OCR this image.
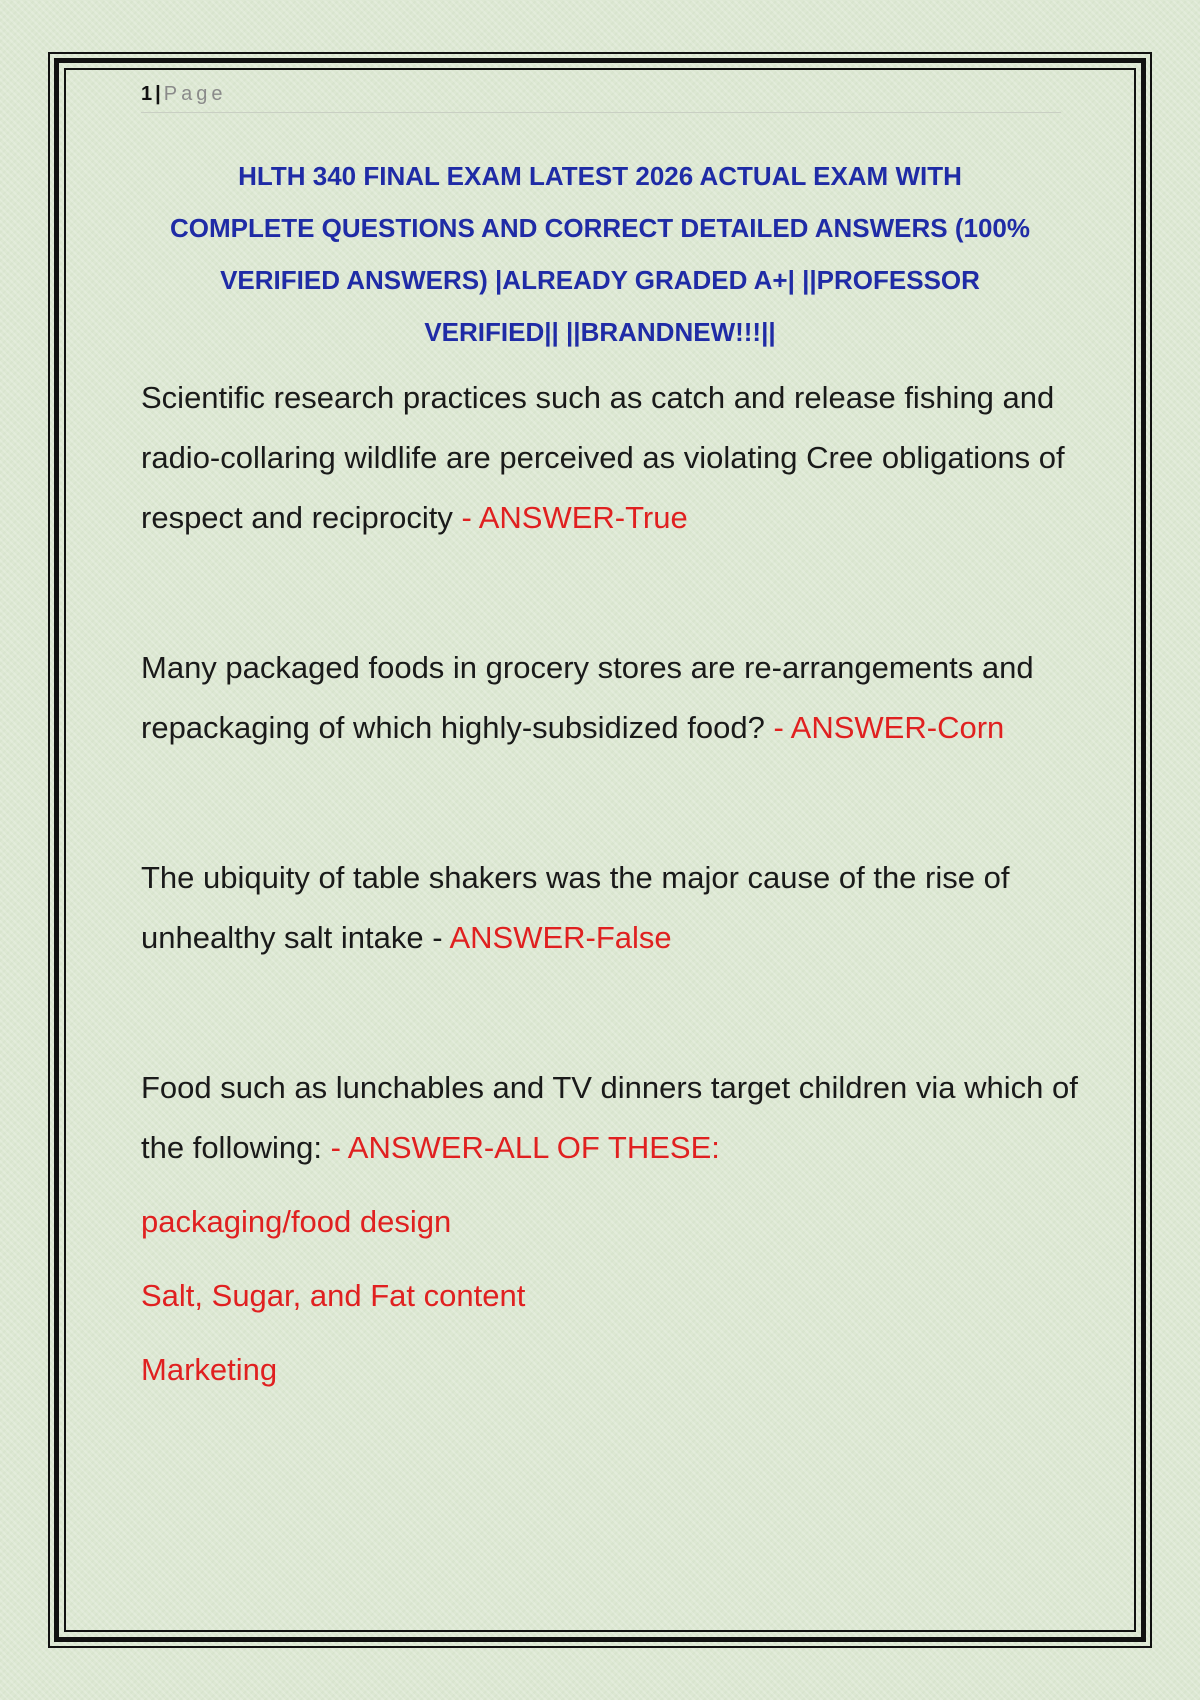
1 | Page
HLTH 340 FINAL EXAM LATEST 2026 ACTUAL EXAM WITH
COMPLETE QUESTIONS AND CORRECT DETAILED ANSWERS (100%
VERIFIED ANSWERS) |ALREADY GRADED A+| ||PROFESSOR
VERIFIED|| ||BRANDNEW!!!||

Scientific research practices such as catch and release fishing and radio-collaring wildlife are perceived as violating Cree obligations of respect and reciprocity - ANSWER-True

Many packaged foods in grocery stores are re-arrangements and repackaging of which highly-subsidized food? - ANSWER-Corn

The ubiquity of table shakers was the major cause of the rise of unhealthy salt intake - ANSWER-False

Food such as lunchables and TV dinners target children via which of the following: - ANSWER-ALL OF THESE:

packaging/food design

Salt, Sugar, and Fat content

Marketing
